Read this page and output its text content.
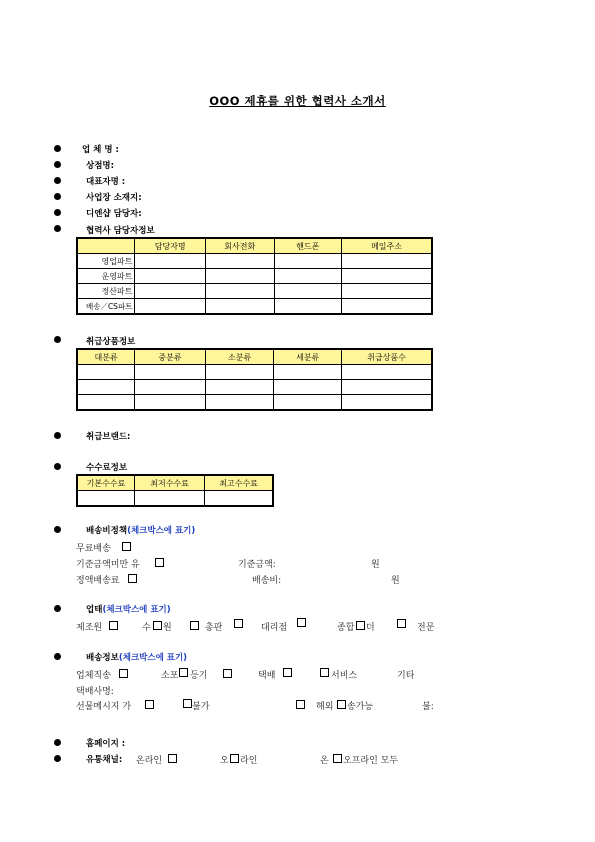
OOO 제휴를 위한 협력사 소개서
업 체 명 :
상점명:
대표자명 :
사업장 소재지:
디엔샵 담당자:
협력사 담당자정보
	담당자명	회사전화	핸드폰	메일주소
영업파트				
운영파트				
정산파트				
배송／CS파트				
취급상품정보
대분류	중분류	소분류	세분류	취급상품수

취급브랜드:
수수료정보
기본수수료	최저수수료	최고수수료

배송비정책(체크박스에 표기)
무료배송
기준금액미만 유	기준금액:	원
정액배송료	배송비:	원
업태(체크박스에 표기)
제조원	수 원	총판	대리점	종합 더	전문
배송정보(체크박스에 표기)
업체직송	소포 등기	택배	서비스	기타
택배사명:
선물메시지 가	불가	해외 송가능	불:
홈페이지 :
유통채널: 온라인	오 라인	온 오프라인 모두
